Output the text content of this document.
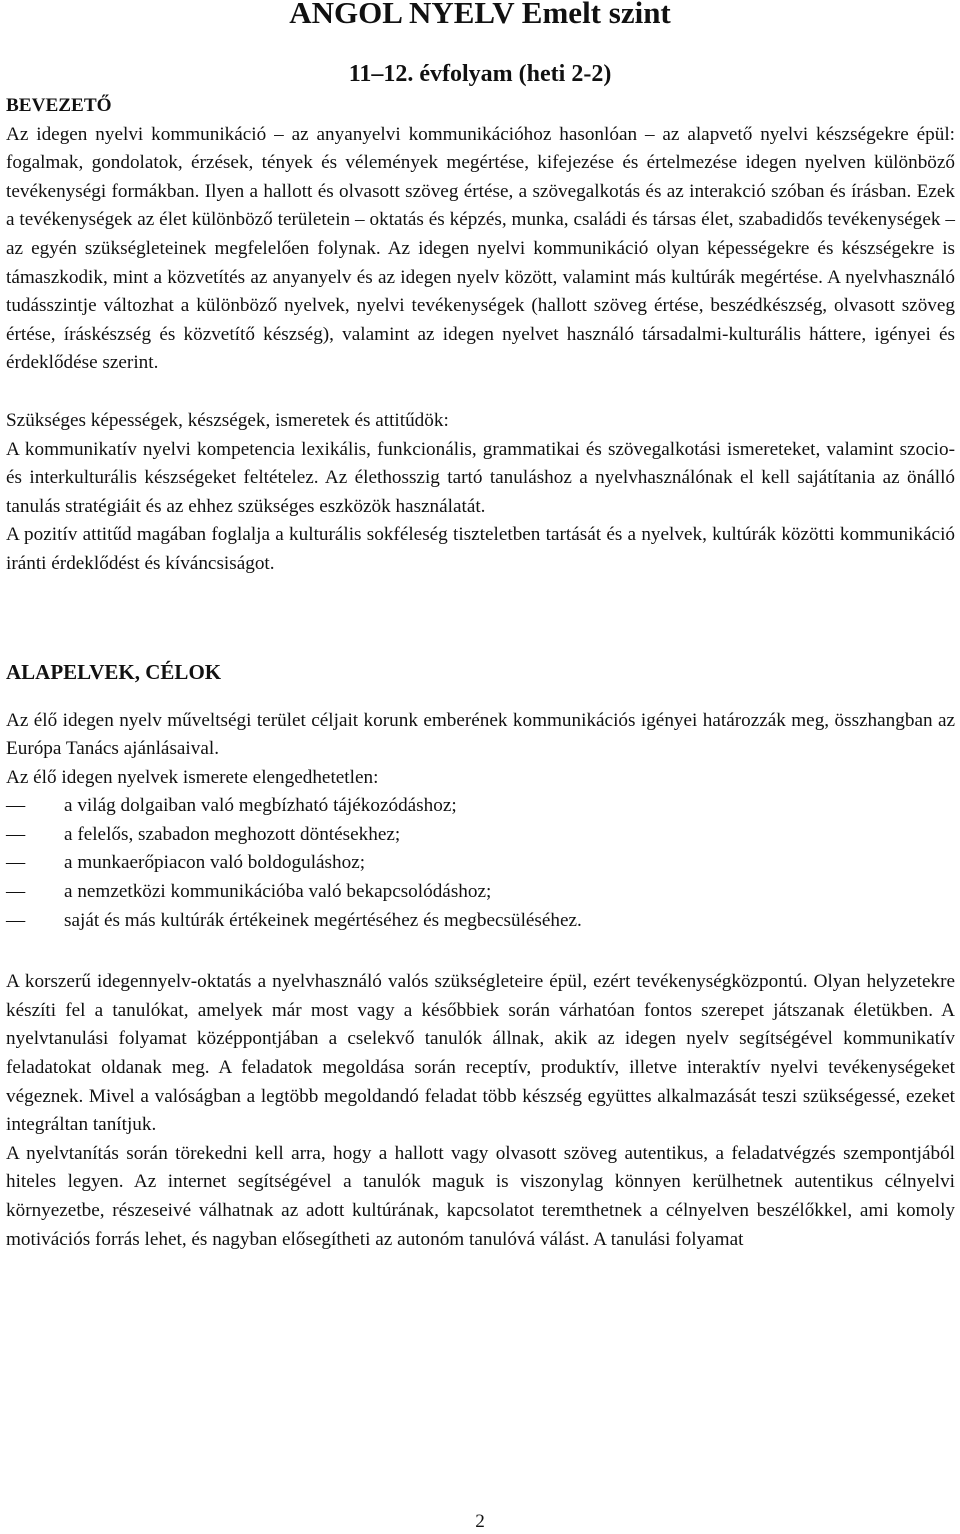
ANGOL NYELV Emelt szint
11–12. évfolyam (heti 2-2)

BEVEZETŐ

Az idegen nyelvi kommunikáció – az anyanyelvi kommunikációhoz hasonlóan – az alapvető nyelvi készségekre épül: fogalmak, gondolatok, érzések, tények és vélemények megértése, kifejezése és értelmezése idegen nyelven különböző tevékenységi formákban. Ilyen a hallott és olvasott szöveg értése, a szövegalkotás és az interakció szóban és írásban. Ezek a tevékenységek az élet különböző területein – oktatás és képzés, munka, családi és társas élet, szabadidős tevékenységek – az egyén szükségleteinek megfelelően folynak. Az idegen nyelvi kommunikáció olyan képességekre és készségekre is támaszkodik, mint a közvetítés az anyanyelv és az idegen nyelv között, valamint más kultúrák megértése. A nyelvhasználó tudásszintje változhat a különböző nyelvek, nyelvi tevékenységek (hallott szöveg értése, beszédkészség, olvasott szöveg értése, íráskészség és közvetítő készség), valamint az idegen nyelvet használó társadalmi-kulturális háttere, igényei és érdeklődése szerint.

Szükséges képességek, készségek, ismeretek és attitűdök:

A kommunikatív nyelvi kompetencia lexikális, funkcionális, grammatikai és szövegalkotási ismereteket, valamint szocio- és interkulturális készségeket feltételez. Az élethosszig tartó tanuláshoz a nyelvhasználónak el kell sajátítania az önálló tanulás stratégiáit és az ehhez szükséges eszközök használatát.

A pozitív attitűd magában foglalja a kulturális sokféleség tiszteletben tartását és a nyelvek, kultúrák közötti kommunikáció iránti érdeklődést és kíváncsiságot.

ALAPELVEK, CÉLOK

Az élő idegen nyelv műveltségi terület céljait korunk emberének kommunikációs igényei határozzák meg, összhangban az Európa Tanács ajánlásaival.

Az élő idegen nyelvek ismerete elengedhetetlen:

— a világ dolgaiban való megbízható tájékozódáshoz;
— a felelős, szabadon meghozott döntésekhez;
— a munkaerőpiacon való boldoguláshoz;
— a nemzetközi kommunikációba való bekapcsolódáshoz;
— saját és más kultúrák értékeinek megértéséhez és megbecsüléséhez.

A korszerű idegennyelv-oktatás a nyelvhasználó valós szükségleteire épül, ezért tevékenységközpontú. Olyan helyzetekre készíti fel a tanulókat, amelyek már most vagy a későbbiek során várhatóan fontos szerepet játszanak életükben. A nyelvtanulási folyamat középpontjában a cselekvő tanulók állnak, akik az idegen nyelv segítségével kommunikatív feladatokat oldanak meg. A feladatok megoldása során receptív, produktív, illetve interaktív nyelvi tevékenységeket végeznek. Mivel a valóságban a legtöbb megoldandó feladat több készség együttes alkalmazását teszi szükségessé, ezeket integráltan tanítjuk.

A nyelvtanítás során törekedni kell arra, hogy a hallott vagy olvasott szöveg autentikus, a feladatvégzés szempontjából hiteles legyen. Az internet segítségével a tanulók maguk is viszonylag könnyen kerülhetnek autentikus célnyelvi környezetbe, részeseivé válhatnak az adott kultúrának, kapcsolatot teremthetnek a célnyelven beszélőkkel, ami komoly motivációs forrás lehet, és nagyban elősegítheti az autonóm tanulóvá válást. A tanulási folyamat

2
